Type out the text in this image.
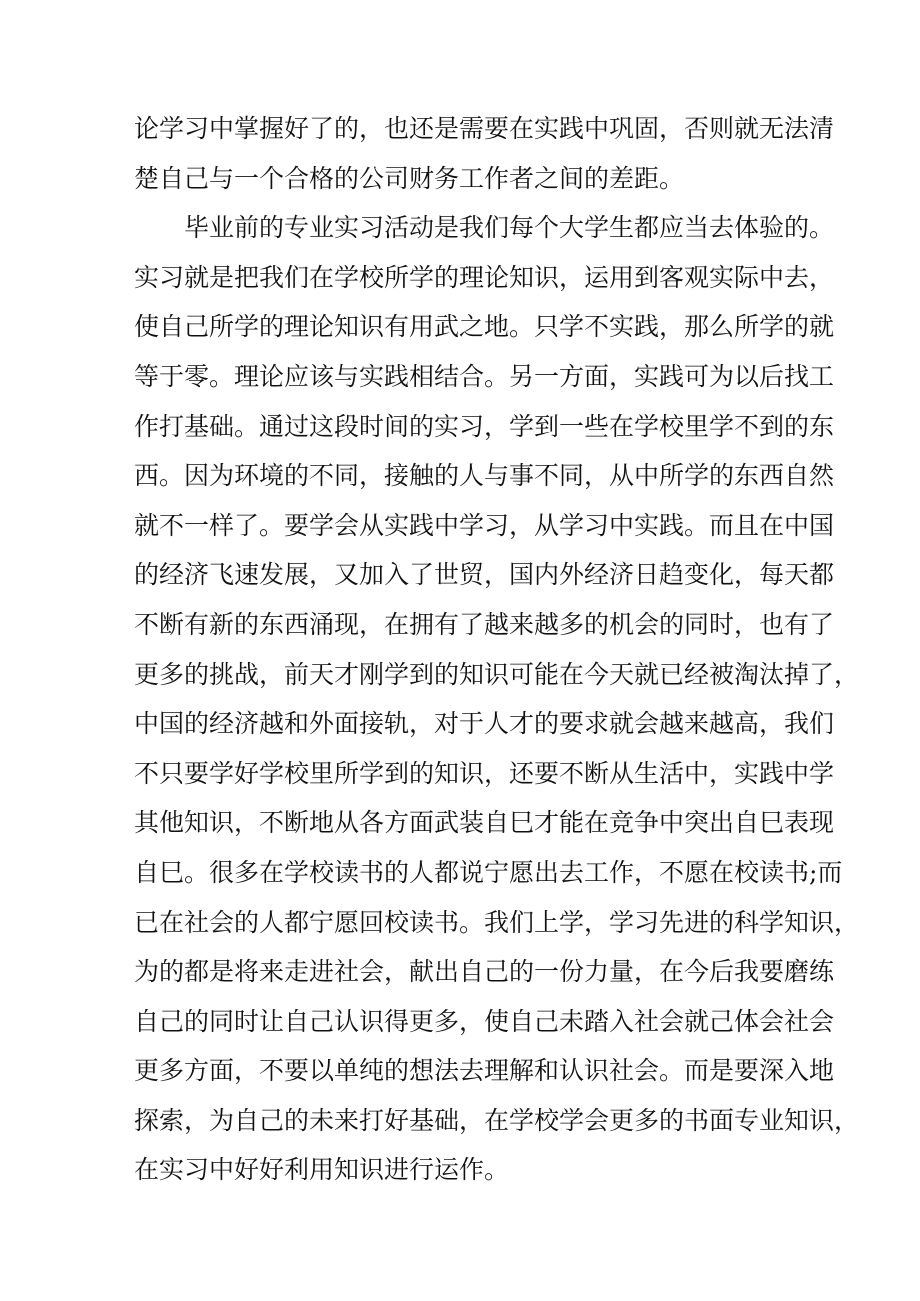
论学习中掌握好了的，也还是需要在实践中巩固，否则就无法清
楚自己与一个合格的公司财务工作者之间的差距。
毕业前的专业实习活动是我们每个大学生都应当去体验的。
实习就是把我们在学校所学的理论知识，运用到客观实际中去，
使自己所学的理论知识有用武之地。只学不实践，那么所学的就
等于零。理论应该与实践相结合。另一方面，实践可为以后找工
作打基础。通过这段时间的实习，学到一些在学校里学不到的东
西。因为环境的不同，接触的人与事不同，从中所学的东西自然
就不一样了。要学会从实践中学习，从学习中实践。而且在中国
的经济飞速发展，又加入了世贸，国内外经济日趋变化，每天都
不断有新的东西涌现，在拥有了越来越多的机会的同时，也有了
更多的挑战，前天才刚学到的知识可能在今天就已经被淘汰掉了，
中国的经济越和外面接轨，对于人才的要求就会越来越高，我们
不只要学好学校里所学到的知识，还要不断从生活中，实践中学
其他知识，不断地从各方面武装自巳才能在竞争中突出自巳表现
自巳。很多在学校读书的人都说宁愿出去工作，不愿在校读书;而
已在社会的人都宁愿回校读书。我们上学，学习先进的科学知识，
为的都是将来走进社会，献出自己的一份力量，在今后我要磨练
自己的同时让自己认识得更多，使自己未踏入社会就己体会社会
更多方面，不要以单纯的想法去理解和认识社会。而是要深入地
探索，为自己的未来打好基础，在学校学会更多的书面专业知识，
在实习中好好利用知识进行运作。
